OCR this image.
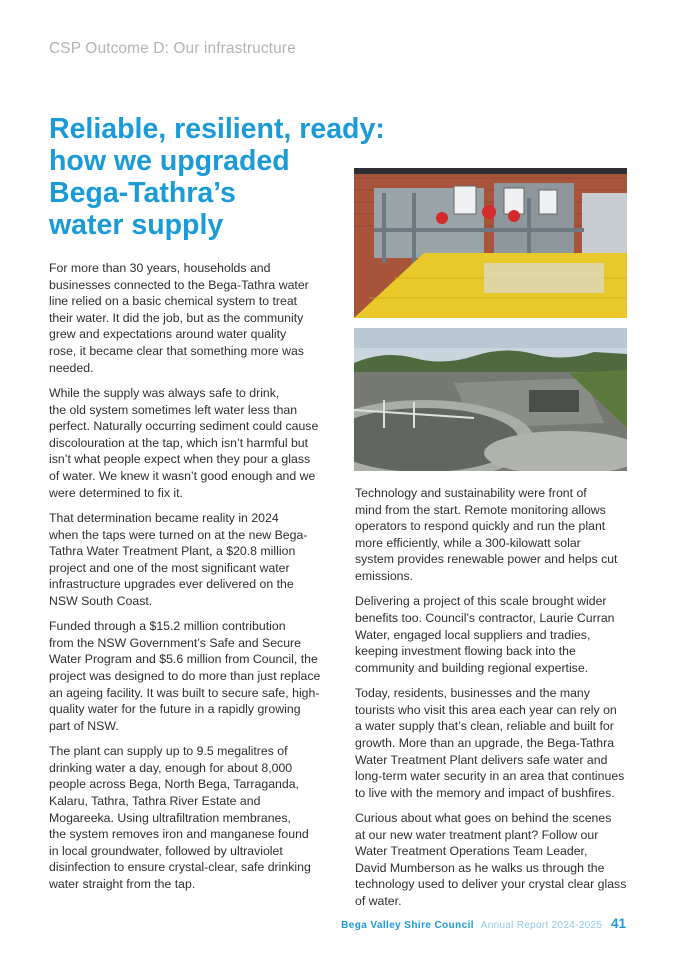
CSP Outcome D: Our infrastructure
Reliable, resilient, ready:
how we upgraded
Bega-Tathra’s
water supply

For more than 30 years, households and
businesses connected to the Bega-Tathra water
line relied on a basic chemical system to treat
their water. It did the job, but as the community
grew and expectations around water quality
rose, it became clear that something more was
needed.

While the supply was always safe to drink,
the old system sometimes left water less than
perfect. Naturally occurring sediment could cause
discolouration at the tap, which isn’t harmful but
isn’t what people expect when they pour a glass
of water. We knew it wasn’t good enough and we
were determined to fix it.

That determination became reality in 2024
when the taps were turned on at the new Bega-
Tathra Water Treatment Plant, a $20.8 million
project and one of the most significant water
infrastructure upgrades ever delivered on the
NSW South Coast.

Funded through a $15.2 million contribution
from the NSW Government’s Safe and Secure
Water Program and $5.6 million from Council, the
project was designed to do more than just replace
an ageing facility. It was built to secure safe, high-
quality water for the future in a rapidly growing
part of NSW.

The plant can supply up to 9.5 megalitres of
drinking water a day, enough for about 8,000
people across Bega, North Bega, Tarraganda,
Kalaru, Tathra, Tathra River Estate and
Mogareeka. Using ultrafiltration membranes,
the system removes iron and manganese found
in local groundwater, followed by ultraviolet
disinfection to ensure crystal-clear, safe drinking
water straight from the tap.

Technology and sustainability were front of
mind from the start. Remote monitoring allows
operators to respond quickly and run the plant
more efficiently, while a 300-kilowatt solar
system provides renewable power and helps cut
emissions.

Delivering a project of this scale brought wider
benefits too. Council’s contractor, Laurie Curran
Water, engaged local suppliers and tradies,
keeping investment flowing back into the
community and building regional expertise.

Today, residents, businesses and the many
tourists who visit this area each year can rely on
a water supply that’s clean, reliable and built for
growth. More than an upgrade, the Bega-Tathra
Water Treatment Plant delivers safe water and
long-term water security in an area that continues
to live with the memory and impact of bushfires.

Curious about what goes on behind the scenes
at our new water treatment plant? Follow our
Water Treatment Operations Team Leader,
David Mumberson as he walks us through the
technology used to deliver your crystal clear glass
of water.

Bega Valley Shire Council Annual Report 2024-2025 41
